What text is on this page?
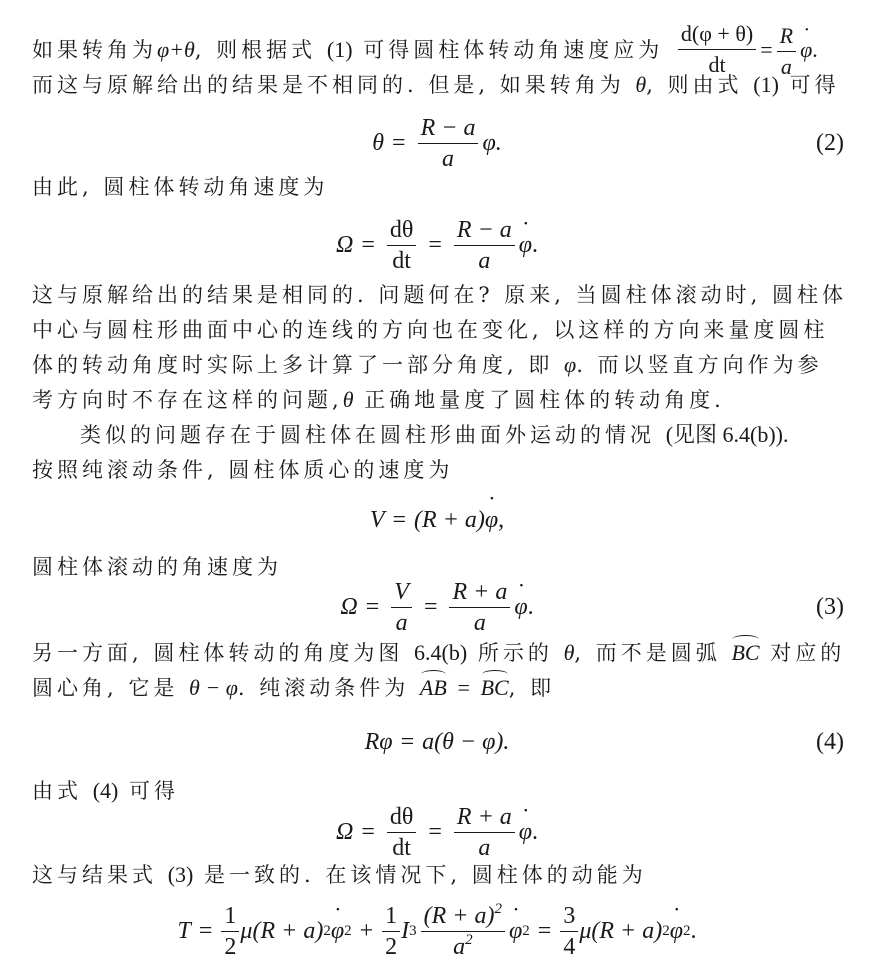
如果转角为φ+θ, 则根据式 (1) 可得圆柱体转动角速度应为 $\frac{d(\varphi + \theta)}{dt} = \frac{R}{a}$ φ ˙.
而这与原解给出的结果是不相同的. 但是, 如果转角为 θ, 则由式 (1) 可得
$\theta = \frac{R - a}{a} \varphi$.	(2)
由此, 圆柱体转动角速度为
$\Omega = \frac{d\theta}{dt} = \frac{R - a}{a}$ φ ˙ .
这与原解给出的结果是相同的. 问题何在? 原来, 当圆柱体滚动时, 圆柱体
中心与圆柱形曲面中心的连线的方向也在变化, 以这样的方向来量度圆柱
体的转动角度时实际上多计算了一部分角度, 即 φ. 而以竖直方向作为参
考方向时不存在这样的问题,θ 正确地量度了圆柱体的转动角度.
类似的问题存在于圆柱体在圆柱形曲面外运动的情况 (见图 6.4(b)).
按照纯滚动条件, 圆柱体质心的速度为
V = (R + a) φ ˙ ,
圆柱体滚动的角速度为
$\Omega = \frac{V}{a} = \frac{R + a}{a}$ φ ˙ .	(3)
另一方面, 圆柱体转动的角度为图 6.4(b) 所示的 θ, 而不是圆弧 BC 对应的
圆心角, 它是 θ − φ. 纯滚动条件为 AB = BC, 即
Rφ = a(θ − φ).	(4)
由式 (4) 可得
$\Omega = \frac{d\theta}{dt} = \frac{R + a}{a}$ φ ˙ .
这与结果式 (3) 是一致的. 在该情况下, 圆柱体的动能为
$T = \frac{1}{2} \mu(R + a)$ 2 φ ˙ $2 + \frac{1}{2}$ I $3 \frac{(R + a)^2}{a^2}$ φ ˙ $2 = \frac{3}{4} \mu(R + a)$ 2 φ ˙ 2 .
